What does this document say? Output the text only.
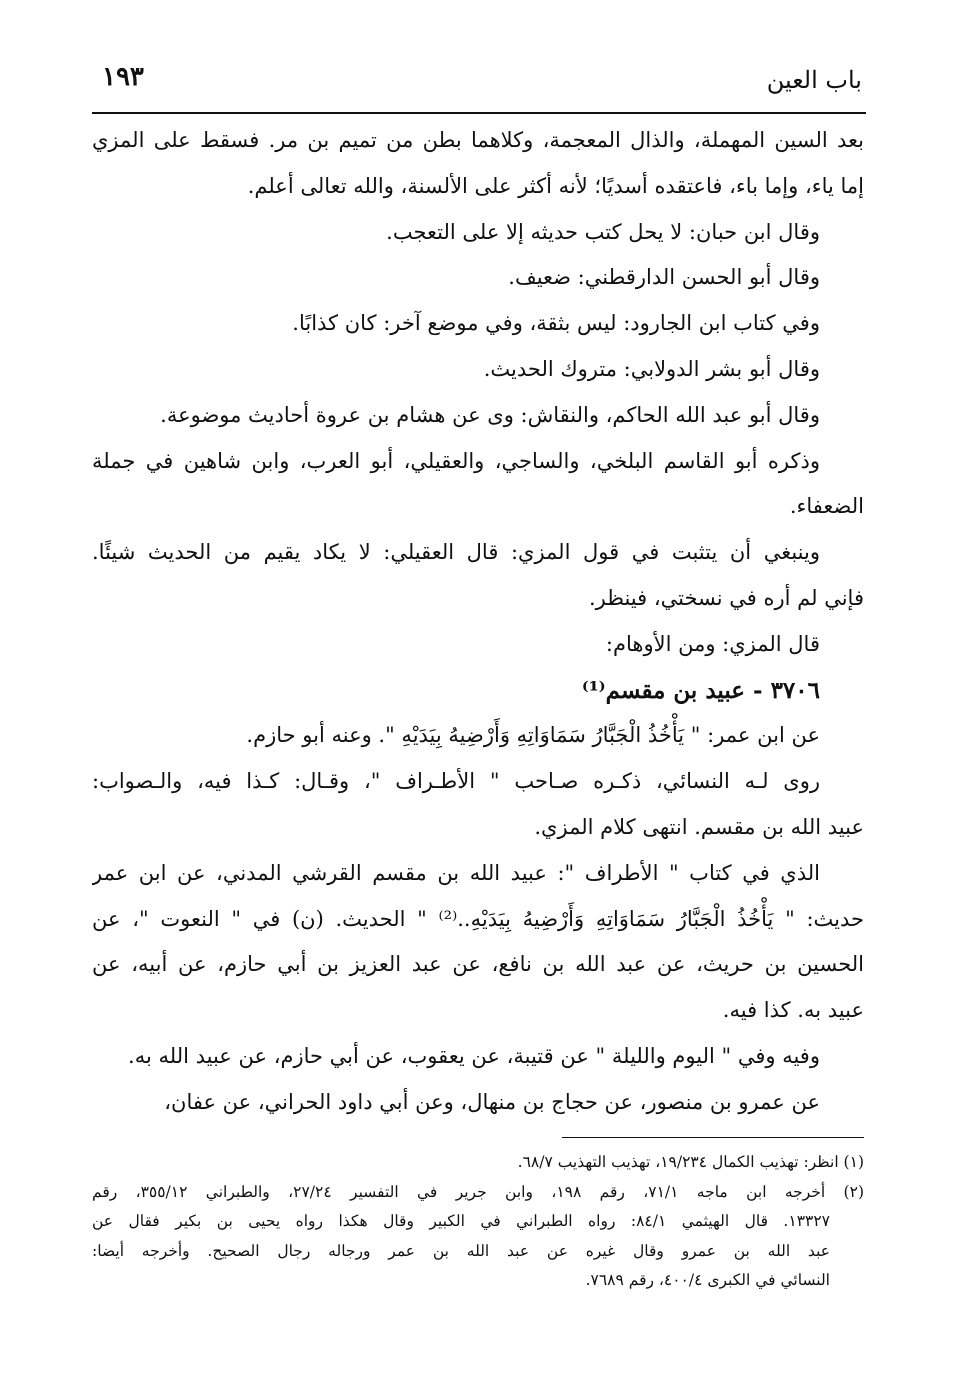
باب العين
١٩٣
بعد السين المهملة، والذال المعجمة، وكلاهما بطن من تميم بن مر. فسقط على المزي
إما ياء، وإما باء، فاعتقده أسديًا؛ لأنه أكثر على الألسنة، والله تعالى أعلم.
وقال ابن حبان: لا يحل كتب حديثه إلا على التعجب.
وقال أبو الحسن الدارقطني: ضعيف.
وفي كتاب ابن الجارود: ليس بثقة، وفي موضع آخر: كان كذابًا.
وقال أبو بشر الدولابي: متروك الحديث.
وقال أبو عبد الله الحاكم، والنقاش: وى عن هشام بن عروة أحاديث موضوعة.
وذكره أبو القاسم البلخي، والساجي، والعقيلي، أبو العرب، وابن شاهين في جملة
الضعفاء.
وينبغي أن يتثبت في قول المزي: قال العقيلي: لا يكاد يقيم من الحديث شيئًا.
فإني لم أره في نسختي، فينظر.
قال المزي: ومن الأوهام:
٣٧٠٦ - عبيد بن مقسم⁽¹⁾
عن ابن عمر: " يَأْخُذُ الْجَبَّارُ سَمَاوَاتِهِ وَأَرْضِيهُ بِيَدَيْهِ ". وعنه أبو حازم.
روى لـه النسائي، ذكـره صـاحب " الأطـراف "، وقـال: كـذا فيه، والـصواب:
عبيد الله بن مقسم. انتهى كلام المزي.
الذي في كتاب " الأطراف ": عبيد الله بن مقسم القرشي المدني، عن ابن عمر
حديث: " يَأْخُذُ الْجَبَّارُ سَمَاوَاتِهِ وَأَرْضِيهُ بِيَدَيْهِ..⁽²⁾ " الحديث. (ن) في " النعوت "، عن
الحسين بن حريث، عن عبد الله بن نافع، عن عبد العزيز بن أبي حازم، عن أبيه، عن
عبيد به. كذا فيه.
وفيه وفي " اليوم والليلة " عن قتيبة، عن يعقوب، عن أبي حازم، عن عبيد الله به.
عن عمرو بن منصور، عن حجاج بن منهال، وعن أبي داود الحراني، عن عفان،
(١) انظر: تهذيب الكمال ١٩/٢٣٤، تهذيب التهذيب ٦٨/٧.
(٢) أخرجه ابن ماجه ٧١/١، رقم ١٩٨، وابن جرير في التفسير ٢٧/٢٤، والطبراني ٣٥٥/١٢، رقم
١٣٣٢٧. قال الهيثمي ٨٤/١: رواه الطبراني في الكبير وقال هكذا رواه يحيى بن بكير فقال عن
عبد الله بن عمرو وقال غيره عن عبد الله بن عمر ورجاله رجال الصحيح. وأخرجه أيضا:
النسائي في الكبرى ٤٠٠/٤، رقم ٧٦٨٩.
